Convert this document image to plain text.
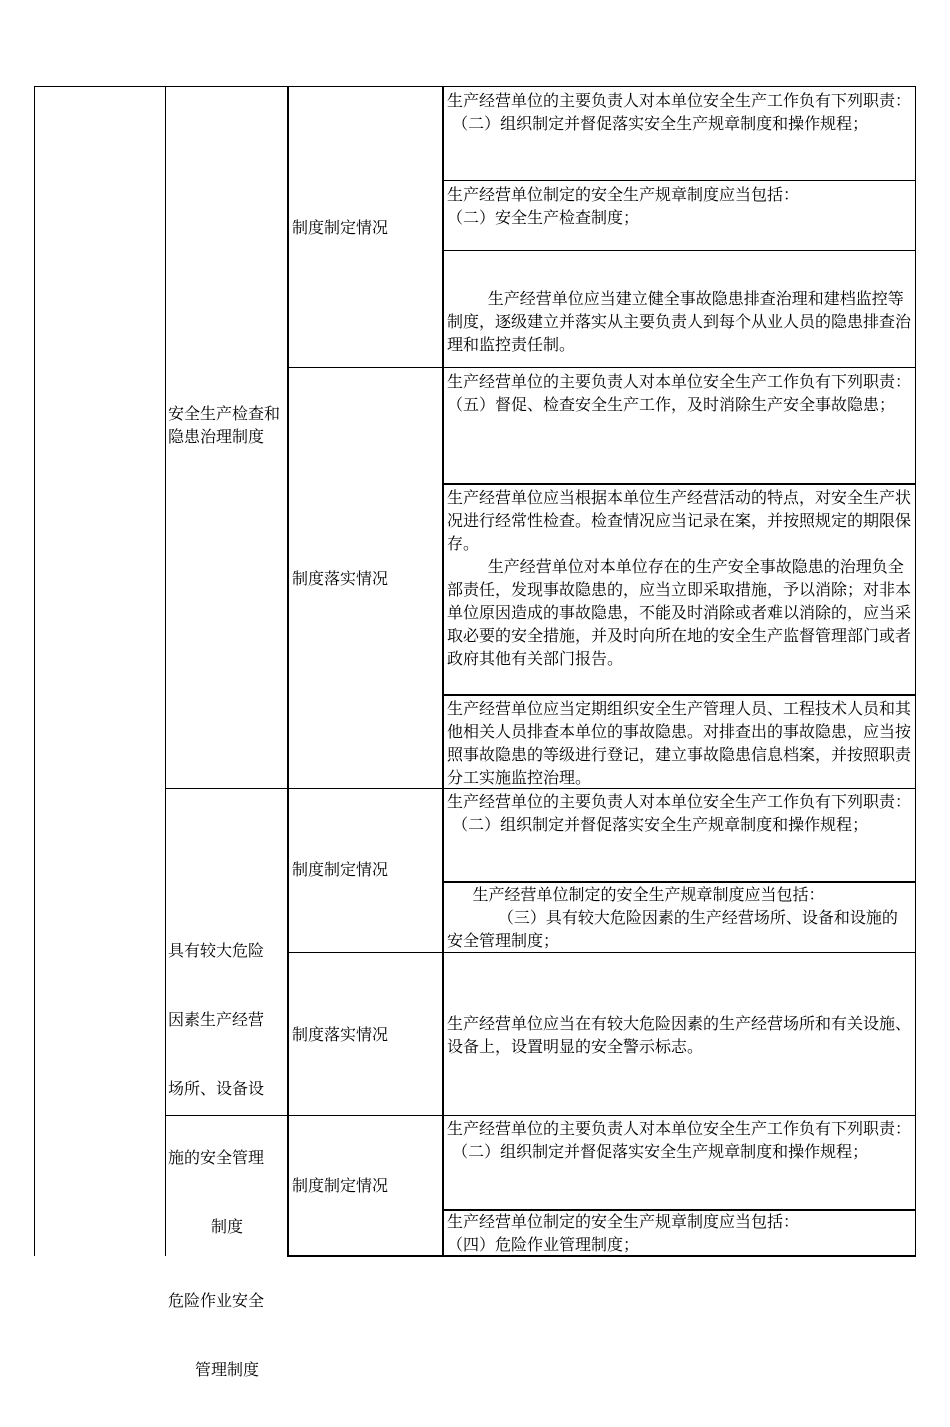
安全生产检查和隐患治理制度
制度制定情况
生产经营单位的主要负责人对本单位安全生产工作负有下列职责：
（二）组织制定并督促落实安全生产规章制度和操作规程；
生产经营单位制定的安全生产规章制度应当包括：
（二）安全生产检查制度；
生产经营单位应当建立健全事故隐患排查治理和建档监控等制度，逐级建立并落实从主要负责人到每个从业人员的隐患排查治理和监控责任制。
制度落实情况
生产经营单位的主要负责人对本单位安全生产工作负有下列职责：
（五）督促、检查安全生产工作，及时消除生产安全事故隐患；
生产经营单位应当根据本单位生产经营活动的特点，对安全生产状况进行经常性检查。检查情况应当记录在案，并按照规定的期限保存。
生产经营单位对本单位存在的生产安全事故隐患的治理负全部责任，发现事故隐患的，应当立即采取措施，予以消除；对非本单位原因造成的事故隐患，不能及时消除或者难以消除的，应当采取必要的安全措施，并及时向所在地的安全生产监督管理部门或者政府其他有关部门报告。
生产经营单位应当定期组织安全生产管理人员、工程技术人员和其他相关人员排查本单位的事故隐患。对排查出的事故隐患，应当按照事故隐患的等级进行登记，建立事故隐患信息档案，并按照职责分工实施监控治理。

具有较大危险

因素生产经营

场所、设备设

施的安全管理

制度

制度制定情况
生产经营单位的主要负责人对本单位安全生产工作负有下列职责：
（二）组织制定并督促落实安全生产规章制度和操作规程；
生产经营单位制定的安全生产规章制度应当包括：
（三）具有较大危险因素的生产经营场所、设备和设施的安全管理制度；
制度落实情况
生产经营单位应当在有较大危险因素的生产经营场所和有关设施、设备上，设置明显的安全警示标志。

危险作业安全

管理制度

制度制定情况
生产经营单位的主要负责人对本单位安全生产工作负有下列职责：
（二）组织制定并督促落实安全生产规章制度和操作规程；
生产经营单位制定的安全生产规章制度应当包括：
（四）危险作业管理制度；
